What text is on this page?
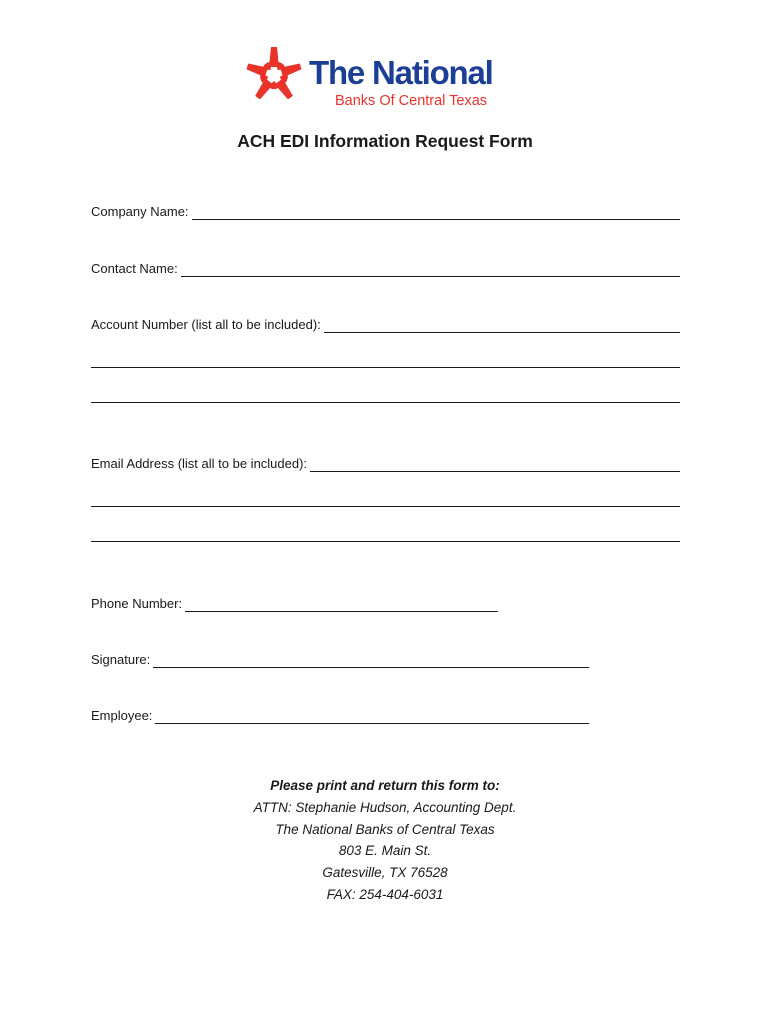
The National
Banks Of Central Texas
ACH EDI Information Request Form
Company Name:
Contact Name:
Account Number (list all to be included):
Email Address (list all to be included):
Phone Number:
Signature:
Employee:
Please print and return this form to:
ATTN: Stephanie Hudson, Accounting Dept.
The National Banks of Central Texas
803 E. Main St.
Gatesville, TX 76528
FAX: 254-404-6031
